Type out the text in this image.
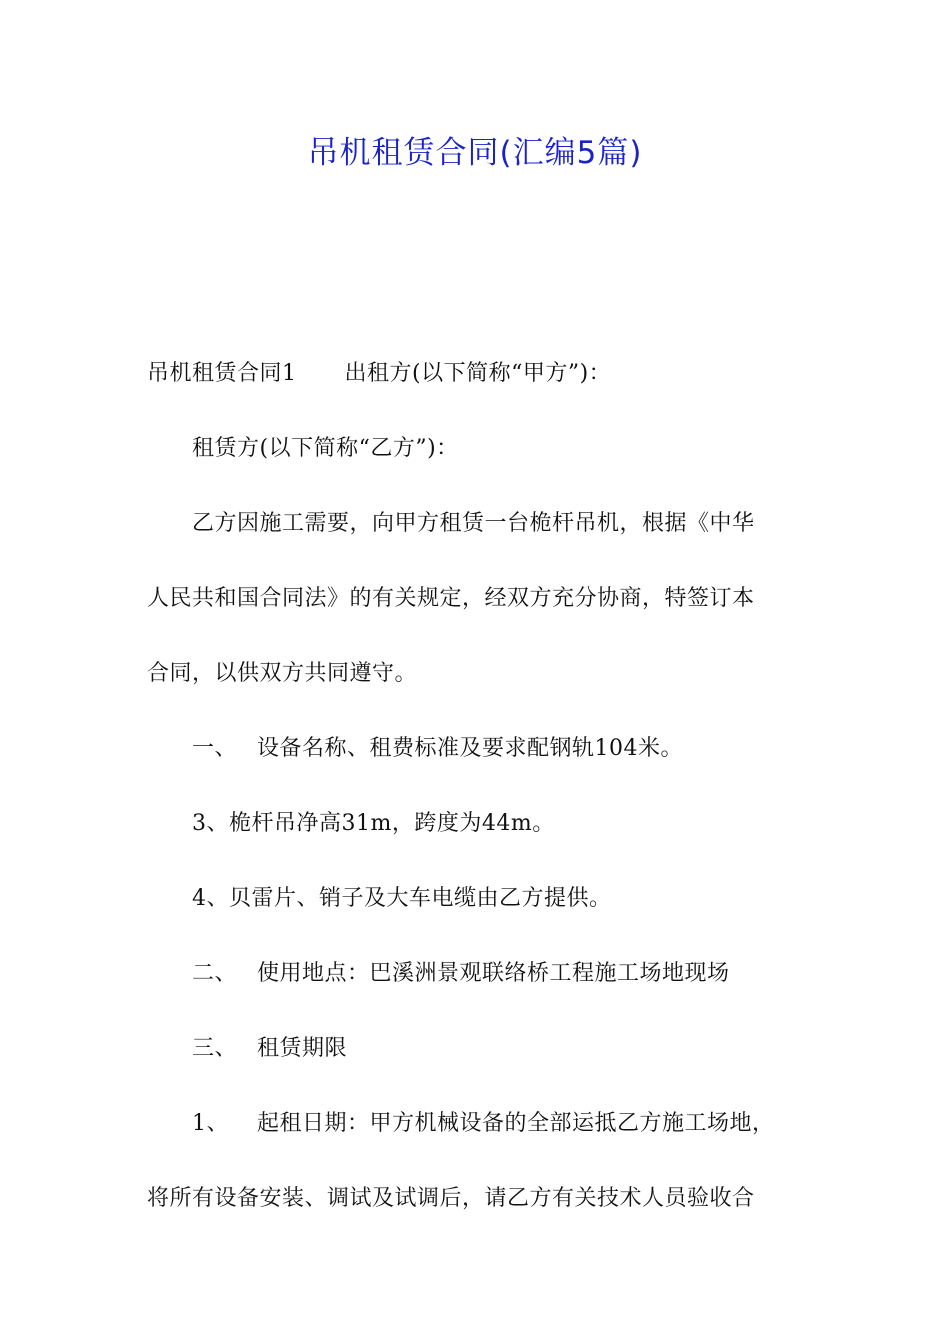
吊机租赁合同(汇编5篇)

吊机租赁合同1 出租方(以下简称“甲方”)：

租赁方(以下简称“乙方”)：

乙方因施工需要，向甲方租赁一台桅杆吊机，根据《中华

人民共和国合同法》的有关规定，经双方充分协商，特签订本

合同，以供双方共同遵守。

一、 设备名称、租费标准及要求配钢轨104米。

3、桅杆吊净高31m，跨度为44m。

4、贝雷片、销子及大车电缆由乙方提供。

二、 使用地点：巴溪洲景观联络桥工程施工场地现场

三、 租赁期限

1、 起租日期：甲方机械设备的全部运抵乙方施工场地，

将所有设备安装、调试及试调后，请乙方有关技术人员验收合
